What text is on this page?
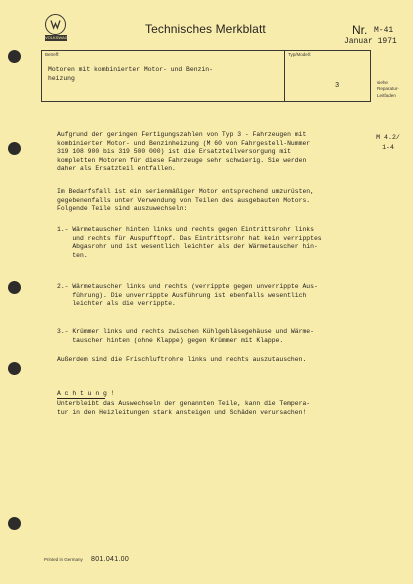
VOLKSWAGEN
Technisches Merkblatt	Nr. M-41
Januar 1971
Betreff:	Typ/Modell:
Motoren mit kombinierter Motor- und Benzin-
heizung
3	siehe
Reparatur-
Leitfaden
M 4.2/
1-4
Aufgrund der geringen Fertigungszahlen von Typ 3 - Fahrzeugen mit
kombinierter Motor- und Benzinheizung (M 60 von Fahrgestell-Nummer
319 108 900 bis 319 500 000) ist die Ersatzteilversorgung mit
kompletten Motoren für diese Fahrzeuge sehr schwierig. Sie werden
daher als Ersatzteil entfallen.
Im Bedarfsfall ist ein serienmäßiger Motor entsprechend umzurüsten,
gegebenenfalls unter Verwendung von Teilen des ausgebauten Motors.
Folgende Teile sind auszuwechseln:
1.- Wärmetauscher hinten links und rechts gegen Eintrittsrohr links
und rechts für Auspufftopf. Das Eintrittsrohr hat kein verripptes
Abgasrohr und ist wesentlich leichter als der Wärmetauscher hin-
ten.
2.- Wärmetauscher links und rechts (verrippte gegen unverrippte Aus-
führung). Die unverrippte Ausführung ist ebenfalls wesentlich
leichter als die verrippte.
3.- Krümmer links und rechts zwischen Kühlgebläsegehäuse und Wärme-
tauscher hinten (ohne Klappe) gegen Krümmer mit Klappe.
Außerdem sind die Frischluftrohre links und rechts auszutauschen.
A c h t u n g !
Unterbleibt das Auswechseln der genannten Teile, kann die Tempera-
tur in den Heizleitungen stark ansteigen und Schäden verursachen!
Printed in Germany 801.041.00
